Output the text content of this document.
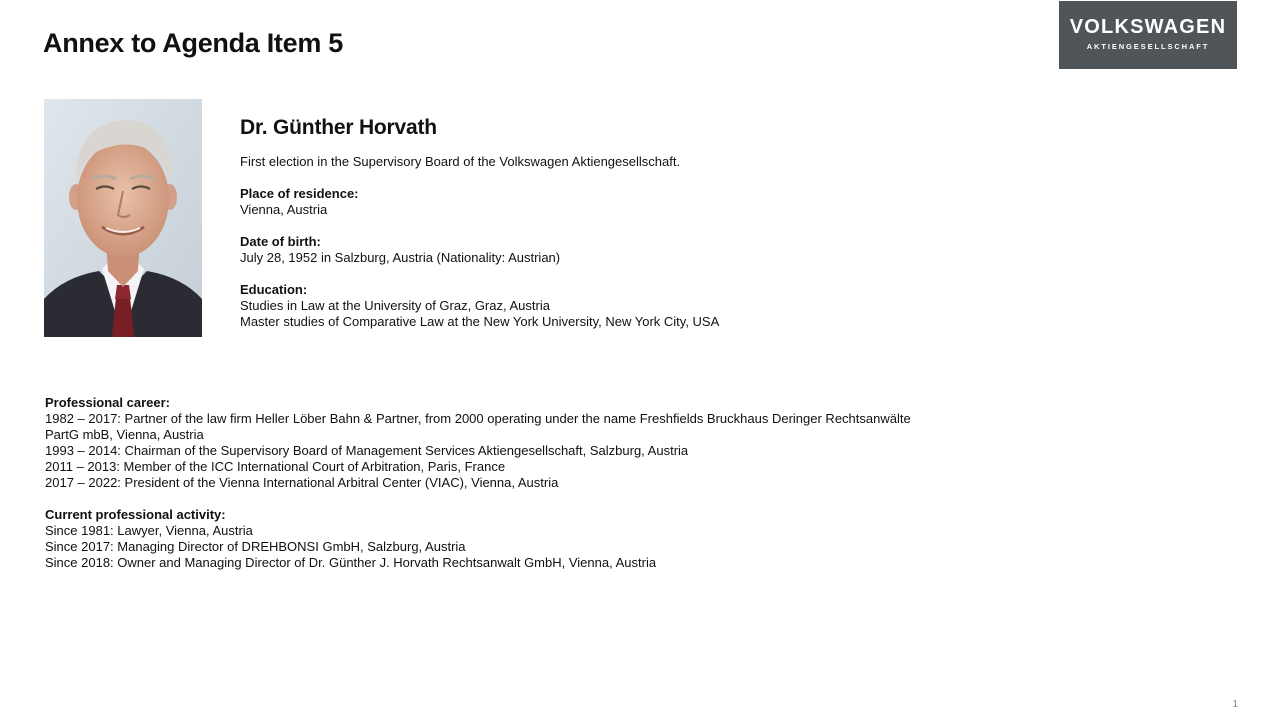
Annex to Agenda Item 5
VOLKSWAGEN
AKTIENGESELLSCHAFT
Dr. Günther Horvath

First election in the Supervisory Board of the Volkswagen Aktiengesellschaft.

Place of residence:

Vienna, Austria

Date of birth:

July 28, 1952 in Salzburg, Austria (Nationality: Austrian)

Education:

Studies in Law at the University of Graz, Graz, Austria

Master studies of Comparative Law at the New York University, New York City, USA

Professional career:

1982 – 2017: Partner of the law firm Heller Löber Bahn & Partner, from 2000 operating under the name Freshfields Bruckhaus Deringer Rechtsanwälte

PartG mbB, Vienna, Austria

1993 – 2014: Chairman of the Supervisory Board of Management Services Aktiengesellschaft, Salzburg, Austria

2011 – 2013: Member of the ICC International Court of Arbitration, Paris, France

2017 – 2022: President of the Vienna International Arbitral Center (VIAC), Vienna, Austria

Current professional activity:

Since 1981: Lawyer, Vienna, Austria

Since 2017: Managing Director of DREHBONSI GmbH, Salzburg, Austria

Since 2018: Owner and Managing Director of Dr. Günther J. Horvath Rechtsanwalt GmbH, Vienna, Austria

1
